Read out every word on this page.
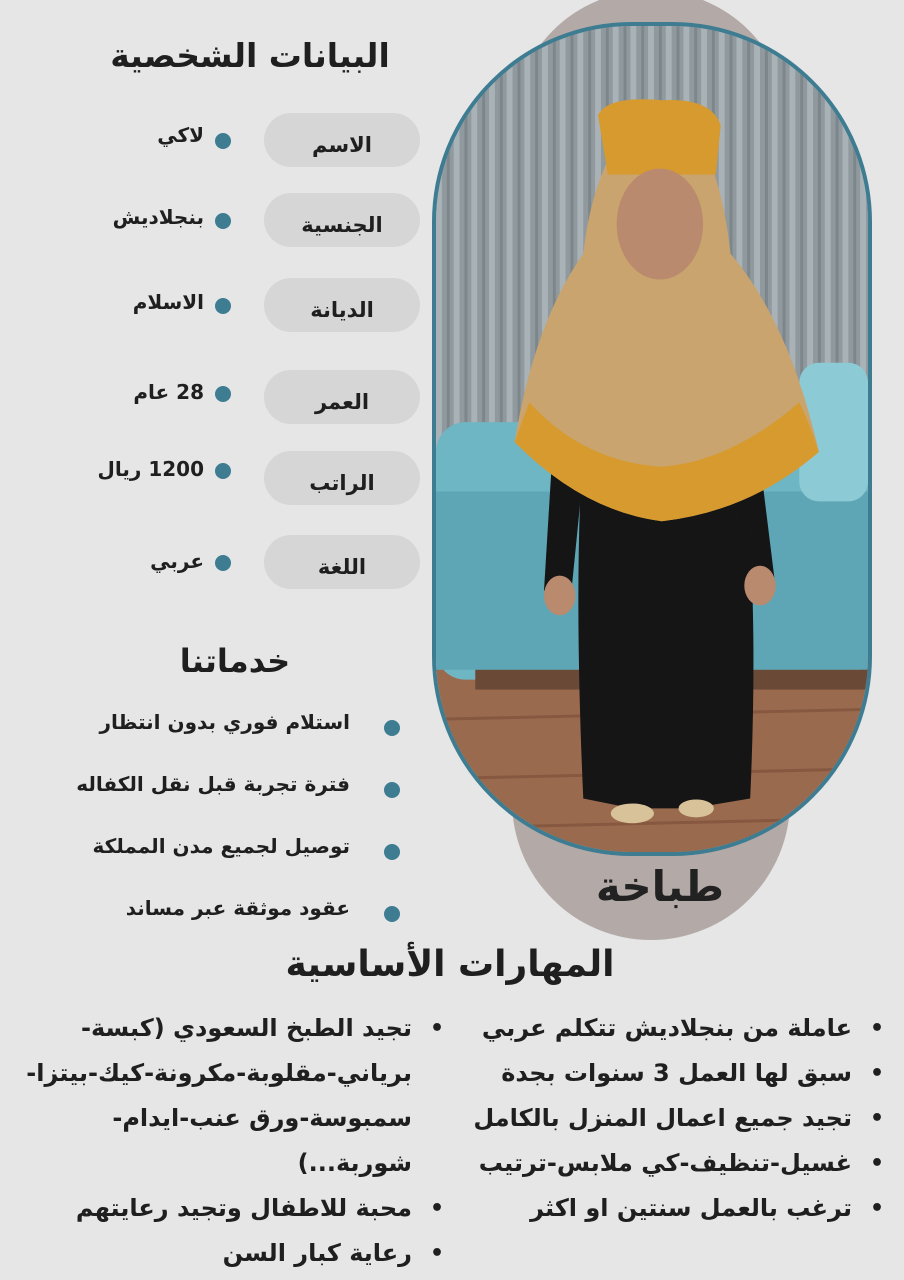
طباخة
البيانات الشخصية
الاسم
لاكي
الجنسية
بنجلاديش
الديانة
الاسلام
العمر
28 عام
الراتب
1200 ريال
اللغة
عربي
خدماتنا
استلام فوري بدون انتظار
فترة تجربة قبل نقل الكفاله
توصيل لجميع مدن المملكة
عقود موثقة عبر مساند
المهارات الأساسية
•
عاملة من بنجلاديش تتكلم عربي
•
سبق لها العمل 3 سنوات بجدة
•
تجيد جميع اعمال المنزل بالكامل
•
غسيل-تنظيف-كي ملابس-ترتيب
•
ترغب بالعمل سنتين او اكثر
•
تجيد الطبخ السعودي (كبسة-برياني-مقلوبة-مكرونة-كيك-بيتزا-سمبوسة-ورق عنب-ايدام-شوربة...)
•
محبة للاطفال وتجيد رعايتهم
•
رعاية كبار السن
